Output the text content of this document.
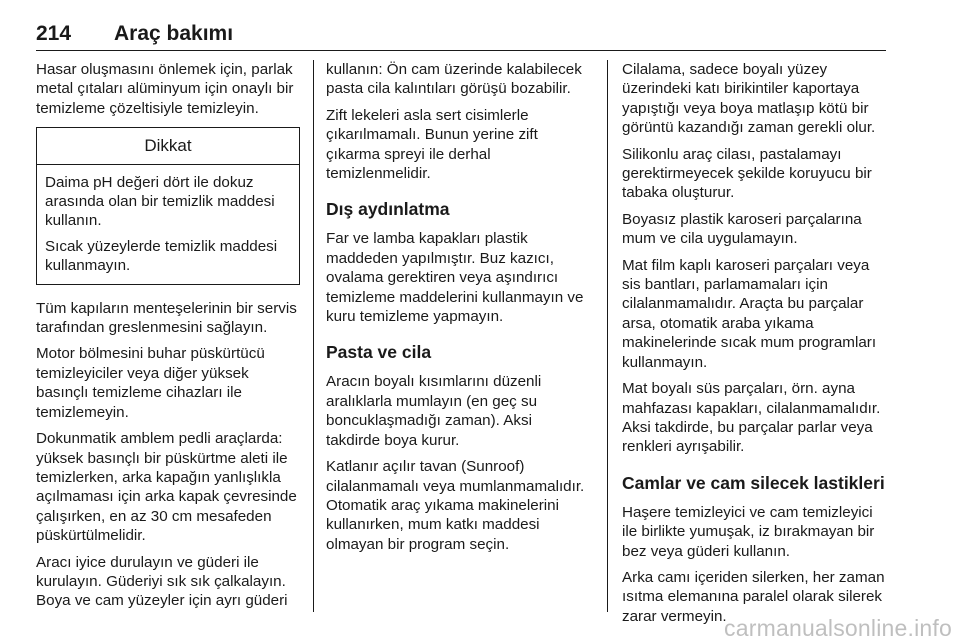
214 Araç bakımı

Hasar oluşmasını önlemek için, parlak metal çıtaları alüminyum için onaylı bir temizleme çözeltisiyle temizleyin.

Dikkat

Daima pH değeri dört ile dokuz arasında olan bir temizlik maddesi kullanın.

Sıcak yüzeylerde temizlik maddesi kullanmayın.

Tüm kapıların menteşelerinin bir servis tarafından greslenmesini sağlayın.

Motor bölmesini buhar püskürtücü temizleyiciler veya diğer yüksek basınçlı temizleme cihazları ile temizlemeyin.

Dokunmatik amblem pedli araçlarda: yüksek basınçlı bir püskürtme aleti ile temizlerken, arka kapağın yanlışlıkla açılmaması için arka kapak çevresinde çalışırken, en az 30 cm mesafeden püskürtülmelidir.

Aracı iyice durulayın ve güderi ile kurulayın. Güderiyi sık sık çalkalayın. Boya ve cam yüzeyler için ayrı güderi

kullanın: Ön cam üzerinde kalabilecek pasta cila kalıntıları görüşü bozabilir.

Zift lekeleri asla sert cisimlerle çıkarılmamalı. Bunun yerine zift çıkarma spreyi ile derhal temizlenmelidir.

Dış aydınlatma

Far ve lamba kapakları plastik maddeden yapılmıştır. Buz kazıcı, ovalama gerektiren veya aşındırıcı temizleme maddelerini kullanmayın ve kuru temizleme yapmayın.

Pasta ve cila

Aracın boyalı kısımlarını düzenli aralıklarla mumlayın (en geç su boncuklaşmadığı zaman). Aksi takdirde boya kurur.

Katlanır açılır tavan (Sunroof) cilalanmamalı veya mumlanmamalıdır. Otomatik araç yıkama makinelerini kullanırken, mum katkı maddesi olmayan bir program seçin.

Cilalama, sadece boyalı yüzey üzerindeki katı birikintiler kaportaya yapıştığı veya boya matlaşıp kötü bir görüntü kazandığı zaman gerekli olur.

Silikonlu araç cilası, pastalamayı gerektirmeyecek şekilde koruyucu bir tabaka oluşturur.

Boyasız plastik karoseri parçalarına mum ve cila uygulamayın.

Mat film kaplı karoseri parçaları veya sis bantları, parlamamaları için cilalanmamalıdır. Araçta bu parçalar arsa, otomatik araba yıkama makinelerinde sıcak mum programları kullanmayın.

Mat boyalı süs parçaları, örn. ayna mahfazası kapakları, cilalanmamalıdır. Aksi takdirde, bu parçalar parlar veya renkleri ayrışabilir.

Camlar ve cam silecek lastikleri

Haşere temizleyici ve cam temizleyici ile birlikte yumuşak, iz bırakmayan bir bez veya güderi kullanın.

Arka camı içeriden silerken, her zaman ısıtma elemanına paralel olarak silerek zarar vermeyin.

carmanualsonline.info
